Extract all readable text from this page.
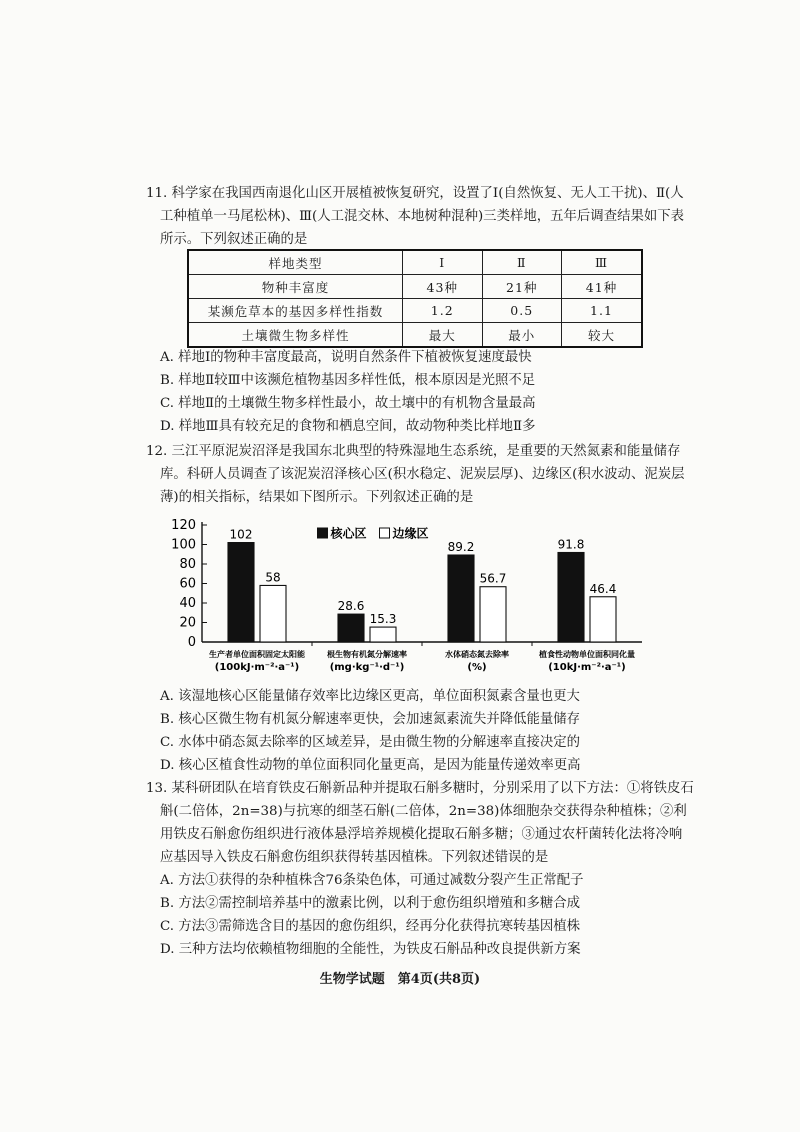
11. 科学家在我国西南退化山区开展植被恢复研究，设置了Ⅰ(自然恢复、无人工干扰)、Ⅱ(人
工种植单一马尾松林)、Ⅲ(人工混交林、本地树种混种)三类样地，五年后调查结果如下表
所示。下列叙述正确的是
样地类型	Ⅰ	Ⅱ	Ⅲ
物种丰富度	43种	21种	41种
某濒危草本的基因多样性指数	1.2	0.5	1.1
土壤微生物多样性	最大	最小	较大
A. 样地Ⅰ的物种丰富度最高，说明自然条件下植被恢复速度最快
B. 样地Ⅱ较Ⅲ中该濒危植物基因多样性低，根本原因是光照不足
C. 样地Ⅱ的土壤微生物多样性最小，故土壤中的有机物含量最高
D. 样地Ⅲ具有较充足的食物和栖息空间，故动物种类比样地Ⅱ多
12. 三江平原泥炭沼泽是我国东北典型的特殊湿地生态系统，是重要的天然氮素和能量储存
库。科研人员调查了该泥炭沼泽核心区(积水稳定、泥炭层厚)、边缘区(积水波动、泥炭层
薄)的相关指标，结果如下图所示。下列叙述正确的是
0
20
40
60
80
100
120
102
58
生产者单位面积固定太阳能
(100kJ·m⁻²·a⁻¹)
28.6
15.3
根生物有机氮分解速率
(mg·kg⁻¹·d⁻¹)
89.2
56.7
水体硝态氮去除率
(%)
91.8
46.4
植食性动物单位面积同化量
(10kJ·m⁻²·a⁻¹)
核心区 边缘区
A. 该湿地核心区能量储存效率比边缘区更高，单位面积氮素含量也更大
B. 核心区微生物有机氮分解速率更快，会加速氮素流失并降低能量储存
C. 水体中硝态氮去除率的区域差异，是由微生物的分解速率直接决定的
D. 核心区植食性动物的单位面积同化量更高，是因为能量传递效率更高
13. 某科研团队在培育铁皮石斛新品种并提取石斛多糖时，分别采用了以下方法：①将铁皮石
斛(二倍体，2n=38)与抗寒的细茎石斛(二倍体，2n=38)体细胞杂交获得杂种植株；②利
用铁皮石斛愈伤组织进行液体悬浮培养规模化提取石斛多糖；③通过农杆菌转化法将冷响
应基因导入铁皮石斛愈伤组织获得转基因植株。下列叙述错误的是
A. 方法①获得的杂种植株含76条染色体，可通过减数分裂产生正常配子
B. 方法②需控制培养基中的激素比例，以利于愈伤组织增殖和多糖合成
C. 方法③需筛选含目的基因的愈伤组织，经再分化获得抗寒转基因植株
D. 三种方法均依赖植物细胞的全能性，为铁皮石斛品种改良提供新方案
生物学试题　第4页(共8页)
